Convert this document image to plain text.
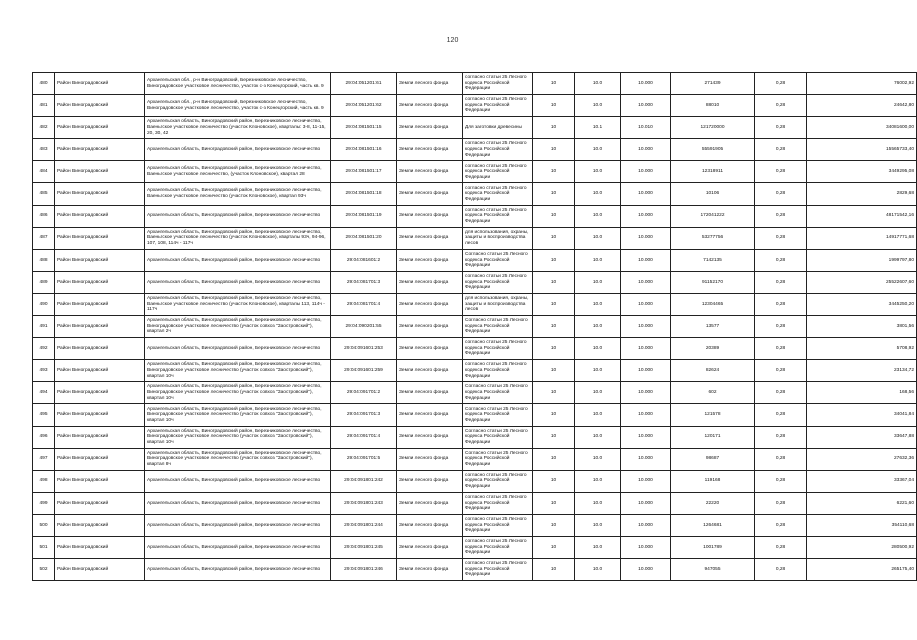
120
480	Район Виноградовский	Архангельская обл., р-н Виноградовский, Березниковское лесничество, Виноградовское участковое лесничество, участок с-з Конецгорский, часть кв. 9	29:04:051201:61	Земли лесного фонда	согласно статьи 25 Лесного кодекса Российской Федерации	10	10.0	10.000	271439	0,28	76002,92
481	Район Виноградовский	Архангельская обл., р-н Виноградовский, Березниковское лесничество, Виноградовское участковое лесничество, участок с-з Конецгорский, часть кв. 9	29:04:051201:62	Земли лесного фонда	согласно статьи 25 Лесного кодекса Российской Федерации	10	10.0	10.000	88010	0,28	24642,80
482	Район Виноградовский	Архангельская область, Виноградовский район, Березниковское лесничество, Ваеньгское участковое лесничество (участок Клоновское), кварталы: 3-8, 11-15, 20, 30, 42	29:04:081501:15	Земли лесного фонда	Для заготовки древесины	10	10.1	10.010	121720000	0,28	34081600,00
483	Район Виноградовский	Архангельская область, Виноградовский район, Березниковское лесничество	29:04:081501:16	Земли лесного фонда	согласно статьи 25 Лесного кодекса Российской Федерации	10	10.0	10.000	55591905	0,28	15565733,40
484	Район Виноградовский	Архангельская область, Виноградовский район, Березниковское лесничество, Ваеньгское участковое лесничество, (участок Клоновское), квартал 28	29:04:081501:17	Земли лесного фонда	согласно статьи 25 Лесного кодекса Российской Федерации	10	10.0	10.000	12318911	0,28	3449295,08
485	Район Виноградовский	Архангельская область, Виноградовский район, Березниковское лесничество, Ваеньгское участковое лесничество (участок Клоновское), квартал 93ч	29:04:081501:18	Земли лесного фонда	согласно статьи 25 Лесного кодекса Российской Федерации	10	10.0	10.000	10106	0,28	2829,68
486	Район Виноградовский	Архангельская область, Виноградовский район, Березниковское лесничество	29:04:081501:19	Земли лесного фонда	согласно статьи 25 Лесного кодекса Российской Федерации	10	10.0	10.000	172041222	0,28	48171542,16
487	Район Виноградовский	Архангельская область, Виноградовский район, Березниковское лесничество, Ваеньгское участковое лесничество (участок Клоновское), кварталы 93ч, 94-96, 107, 108, 114ч - 117ч	29:04:081501:20	Земли лесного фонда	для использования, охраны, защиты и воспроизводства лесов	10	10.0	10.000	53277756	0,28	14917771,68
488	Район Виноградовский	Архангельская область, Виноградовский район, Березниковское лесничество	29:04:081601:2	Земли лесного фонда	Согласно статьи 25 Лесного кодекса Российской Федерации	10	10.0	10.000	7142135	0,28	1999797,80
489	Район Виноградовский	Архангельская область, Виноградовский район, Березниковское лесничество	29:04:081701:3	Земли лесного фонда	согласно статьи 25 Лесного кодекса Российской Федерации	10	10.0	10.000	91152170	0,28	25522607,60
490	Район Виноградовский	Архангельская область, Виноградовский район, Березниковское лесничество, Ваеньгское участковое лесничество (участок Клоновское), кварталы 113, 114ч - 117ч	29:04:081701:4	Земли лесного фонда	для использования, охраны, защиты и воспроизводства лесов	10	10.0	10.000	12304465	0,28	3445250,20
491	Район Виноградовский	Архангельская область, Виноградовский район, Березниковское лесничество, Виноградовское участковое лесничество (участок совхоз "Заостровский"), квартал 2ч	29:04:090201:55	Земли лесного фонда	Согласно статьи 25 Лесного кодекса Российской Федерации	10	10.0	10.000	13577	0,28	3801,56
492	Район Виноградовский	Архангельская область, Виноградовский район, Березниковское лесничество	29:04:091601:253	Земли лесного фонда	согласно статьи 25 Лесного кодекса Российской Федерации	10	10.0	10.000	20389	0,28	5708,92
493	Район Виноградовский	Архангельская область, Виноградовский район, Березниковское лесничество, Виноградовское участковое лесничество (участок совхоз "Заостровский"), квартал 10ч	29:04:091601:259	Земли лесного фонда	согласно статьи 25 Лесного кодекса Российской Федерации	10	10.0	10.000	82624	0,28	23134,72
494	Район Виноградовский	Архангельская область, Виноградовский район, Березниковское лесничество, Виноградовское участковое лесничество (участок совхоз "Заостровский"), квартал 10ч	29:04:091701:2	Земли лесного фонда	Согласно статьи 25 Лесного кодекса Российской Федерации	10	10.0	10.000	602	0,28	168,56
495	Район Виноградовский	Архангельская область, Виноградовский район, Березниковское лесничество, Виноградовское участковое лесничество (участок совхоз "Заостровский"), квартал 10ч	29:04:091701:3	Земли лесного фонда	Согласно статьи 25 Лесного кодекса Российской Федерации	10	10.0	10.000	121578	0,28	34041,84
496	Район Виноградовский	Архангельская область, Виноградовский район, Березниковское лесничество, Виноградовское участковое лесничество (участок совхоз "Заостровский"), квартал 10ч	29:04:091701:4	Земли лесного фонда	Согласно статьи 25 Лесного кодекса Российской Федерации	10	10.0	10.000	120171	0,28	33647,88
497	Район Виноградовский	Архангельская область, Виноградовский район, Березниковское лесничество, Виноградовское участковое лесничество (участок совхоз "Заостровский"), квартал 8ч	29:04:091701:5	Земли лесного фонда	Согласно статьи 25 Лесного кодекса Российской Федерации	10	10.0	10.000	98687	0,28	27632,36
498	Район Виноградовский	Архангельская область, Виноградовский район, Березниковское лесничество	29:04:091801:242	Земли лесного фонда	согласно статьи 25 Лесного кодекса Российской Федерации	10	10.0	10.000	119168	0,28	33367,04
499	Район Виноградовский	Архангельская область, Виноградовский район, Березниковское лесничество	29:04:091801:243	Земли лесного фонда	согласно статьи 25 Лесного кодекса Российской Федерации	10	10.0	10.000	22220	0,28	6221,60
500	Район Виноградовский	Архангельская область, Виноградовский район, Березниковское лесничество	29:04:091801:244	Земли лесного фонда	согласно статьи 25 Лесного кодекса Российской Федерации	10	10.0	10.000	1264681	0,28	354110,68
501	Район Виноградовский	Архангельская область, Виноградовский район, Березниковское лесничество	29:04:091801:245	Земли лесного фонда	согласно статьи 25 Лесного кодекса Российской Федерации	10	10.0	10.000	1001789	0,28	280500,92
502	Район Виноградовский	Архангельская область, Виноградовский район, Березниковское лесничество	29:04:091801:246	Земли лесного фонда	согласно статьи 25 Лесного кодекса Российской Федерации	10	10.0	10.000	947055	0,28	265175,40
